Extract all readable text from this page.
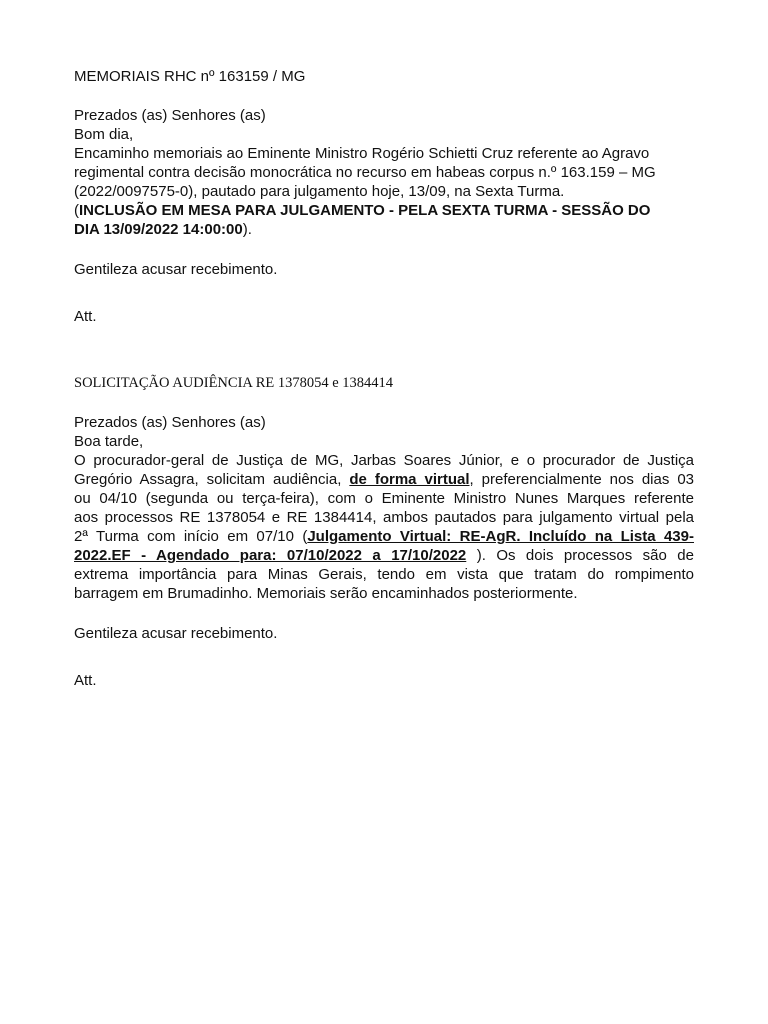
MEMORIAIS RHC nº 163159 / MG

Prezados (as) Senhores (as)

Bom dia,

Encaminho memoriais ao Eminente Ministro Rogério Schietti Cruz referente ao Agravo

regimental contra decisão monocrática no recurso em habeas corpus n.º 163.159 – MG

(2022/0097575-0), pautado para julgamento hoje, 13/09, na Sexta Turma.

(INCLUSÃO EM MESA PARA JULGAMENTO - PELA SEXTA TURMA - SESSÃO DO

DIA 13/09/2022 14:00:00).

Gentileza acusar recebimento.

Att.

SOLICITAÇÃO AUDIÊNCIA RE 1378054 e 1384414

Prezados (as) Senhores (as)

Boa tarde,

O procurador-geral de Justiça de MG, Jarbas Soares Júnior, e o procurador de Justiça

Gregório Assagra, solicitam audiência, de forma virtual, preferencialmente nos dias 03

ou 04/10 (segunda ou terça-feira), com o Eminente Ministro Nunes Marques referente

aos processos RE 1378054 e RE 1384414, ambos pautados para julgamento virtual pela

2ª Turma com início em 07/10 (Julgamento Virtual: RE-AgR. Incluído na Lista 439-

2022.EF - Agendado para: 07/10/2022 a 17/10/2022 ). Os dois processos são de

extrema importância para Minas Gerais, tendo em vista que tratam do rompimento

barragem em Brumadinho. Memoriais serão encaminhados posteriormente.

Gentileza acusar recebimento.

Att.
